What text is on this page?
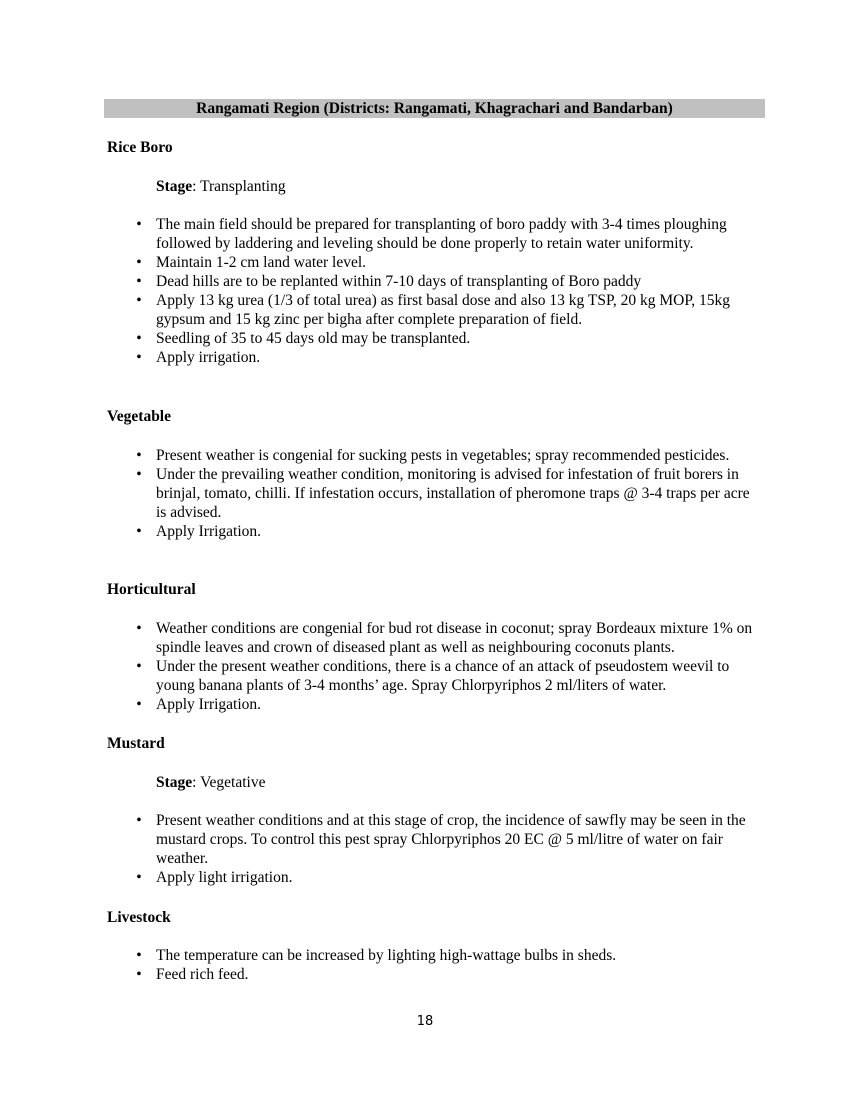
Rangamati Region (Districts: Rangamati, Khagrachari and Bandarban)
Rice Boro
Stage: Transplanting
• The main field should be prepared for transplanting of boro paddy with 3-4 times ploughing followed by laddering and leveling should be done properly to retain water uniformity.
• Maintain 1-2 cm land water level.
• Dead hills are to be replanted within 7-10 days of transplanting of Boro paddy
• Apply 13 kg urea (1/3 of total urea) as first basal dose and also 13 kg TSP, 20 kg MOP, 15kg gypsum and 15 kg zinc per bigha after complete preparation of field.
• Seedling of 35 to 45 days old may be transplanted.
• Apply irrigation.
Vegetable
• Present weather is congenial for sucking pests in vegetables; spray recommended pesticides.
• Under the prevailing weather condition, monitoring is advised for infestation of fruit borers in brinjal, tomato, chilli. If infestation occurs, installation of pheromone traps @ 3-4 traps per acre is advised.
• Apply Irrigation.
Horticultural
• Weather conditions are congenial for bud rot disease in coconut; spray Bordeaux mixture 1% on spindle leaves and crown of diseased plant as well as neighbouring coconuts plants.
• Under the present weather conditions, there is a chance of an attack of pseudostem weevil to young banana plants of 3-4 months’ age. Spray Chlorpyriphos 2 ml/liters of water.
• Apply Irrigation.
Mustard
Stage: Vegetative
• Present weather conditions and at this stage of crop, the incidence of sawfly may be seen in the mustard crops. To control this pest spray Chlorpyriphos 20 EC @ 5 ml/litre of water on fair weather.
• Apply light irrigation.
Livestock
• The temperature can be increased by lighting high-wattage bulbs in sheds.
• Feed rich feed.
18
